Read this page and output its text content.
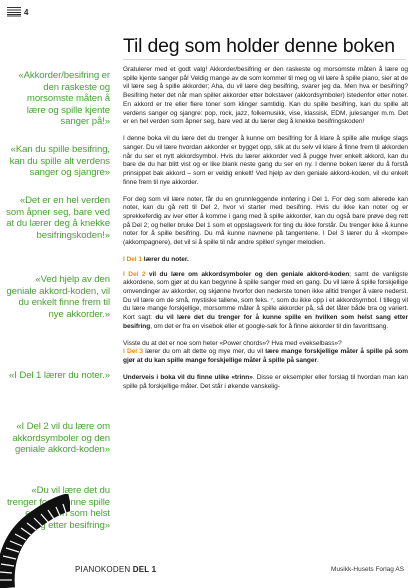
4
Til deg som holder denne boken
«Akkorder/besifring er den raskeste og morsomste måten å lære og spille kjente sanger på!»
«Kan du spille besifring, kan du spille alt verdens sanger og sjangre»
«Det er en hel verden som åpner seg, bare ved at du lærer deg å knekke besifringskoden!»
«Ved hjelp av den geniale akkord-koden, vil du enkelt finne frem til nye akkorder.»
«I Del 1 lærer du noter.»
«I Del 2 vil du lære om akkordsymboler og den geniale akkord-koden»
«Du vil lære det du trenger for å kunne spille en hvilken som helst sang etter besifring»

Gratulerer med et godt valg! Akkorder/besifring er den raskeste og morsomste måten å lære og spille kjente sanger på! Veldig mange av de som kommer til meg og vil lære å spille piano, sier at de vil lære seg å spille akkorder; Aha, du vil lære deg besifring, svarer jeg da. Men hva er besifring? Besifring heter det når man spiller akkorder etter bokstaver (akkordsymboler) istedenfor etter noter. En akkord er tre eller flere toner som klinger samtidig. Kan du spille besifring, kan du spille alt verdens sanger og sjangre: pop, rock, jazz, folkemusikk, vise, klassisk, EDM, julesanger m.m. Det er en hel verden som åpner seg, bare ved at du lærer deg å knekke besifringskoden!

I denne boka vil du lære det du trenger å kunne om besifring for å klare å spille alle mulige slags sanger. Du vil lære hvordan akkorder er bygget opp, slik at du selv vil klare å finne frem til akkorden når du ser et nytt akkordsymbol. Hvis du lærer akkorder ved å pugge hver enkelt akkord, kan du bare de du har blitt vist og er like blank neste gang du ser en ny. I denne boken lærer du å forstå prinsippet bak akkord – som er veldig enkelt! Ved hjelp av den geniale akkord-koden, vil du enkelt finne frem til nye akkorder.

For deg som vil lære noter, får du en grunnleggende innføring i Del 1. For deg som allerede kan noter, kan du gå rett til Del 2, hvor vi starter med besifring. Hvis du ikke kan noter og er sprekkeferdig av iver etter å komme i gang med å spille akkorder, kan du også bare prøve deg rett på Del 2; og heller bruke Del 1 som et oppslagsverk for ting du ikke forstår. Du trenger ikke å kunne noter for å spille besifring. Du må kunne navnene på tangentene. I Del 3 lærer du å «kompe» (akkompagnere), det vil si å spille til når andre spiller/ synger melodien.

I Del 1 lærer du noter.

I Del 2 vil du lære om akkordsymboler og den geniale akkord-koden; samt de vanligste akkordene, som gjør at du kan begynne å spille sanger med en gang. Du vil lære å spille forskjellige omvendinger av akkorder, og skjønne hvorfor den nederste tonen ikke alltid trenger å være nederst. Du vil lære om de små, mystiske tallene, som feks. ⁷, som du ikke opp i et akkordsymbol. I tillegg vil du lære mange forskjellige, morsomme måter å spille akkorder på, så det låter både bra og variert. Kort sagt: du vil lære det du trenger for å kunne spille en hvilken som helst sang etter besifring, om det er fra en visebok eller et google-søk for å finne akkorder til din favorittsang.

Visste du at det er noe som heter «Power chords»? Hva med «vekselbass»?
I Del 3 lærer du om alt dette og mye mer, du vil lære mange forskjellige måter å spille på som gjør at du kan spille mange forskjellige måter å spille på sanger.

Underveis i boka vil du finne ulike «trinn». Disse er eksempler eller forslag til hvordan man kan spille på forskjellige måter. Det står i økende vanskelig-

PIANOKODEN DEL 1	Musikk-Husets Forlag AS
